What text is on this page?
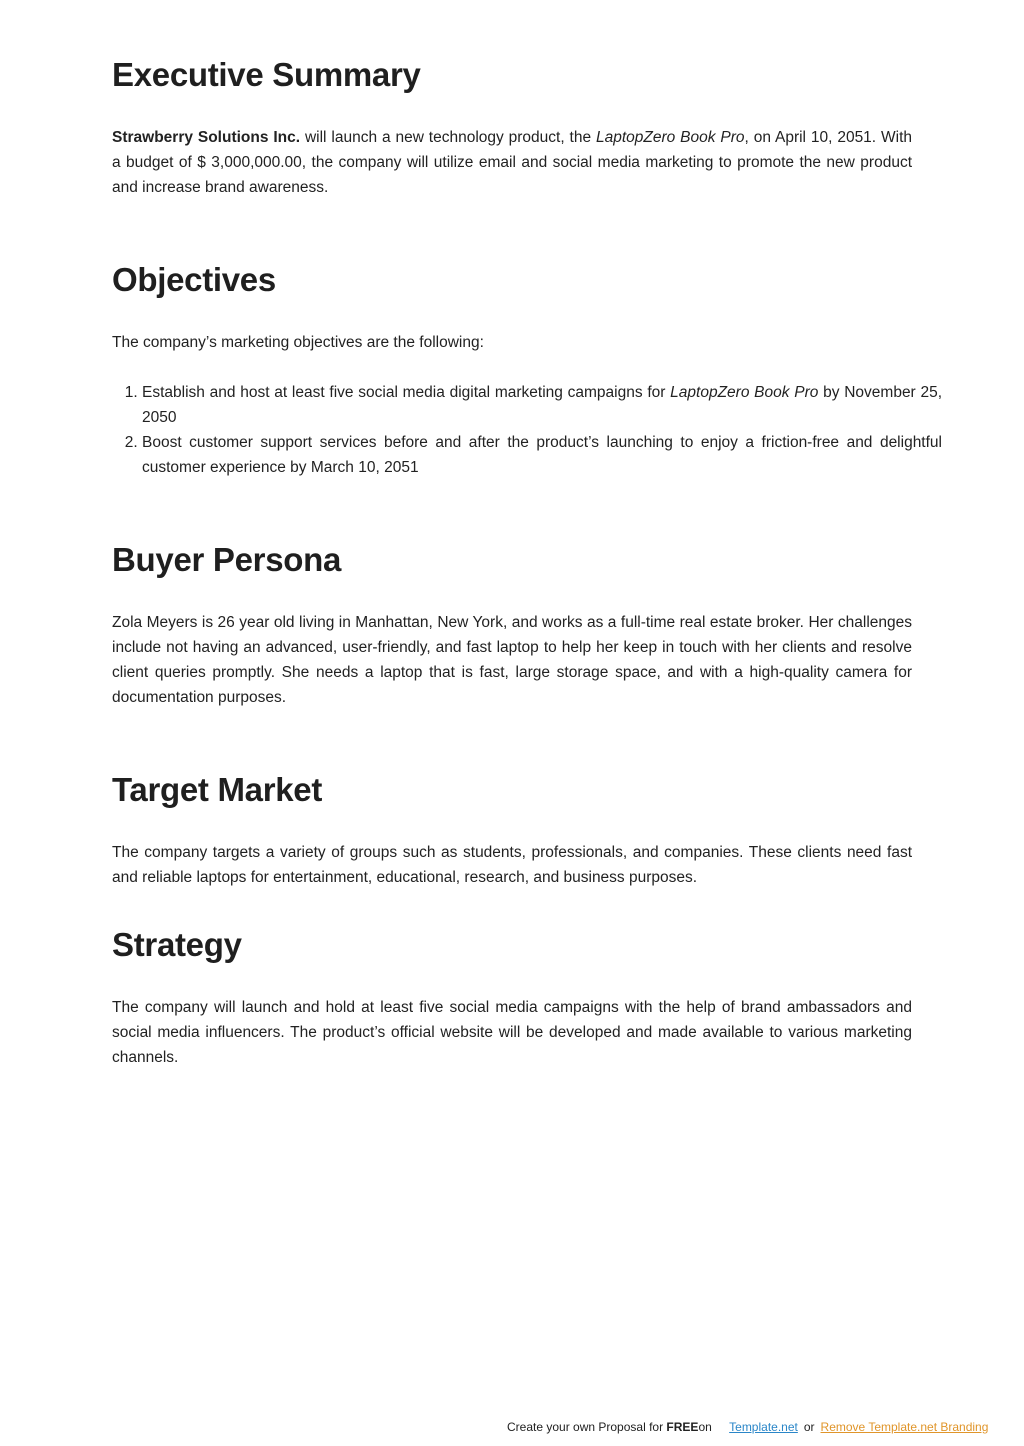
Executive Summary

Strawberry Solutions Inc. will launch a new technology product, the LaptopZero Book Pro, on April 10, 2051. With a budget of $ 3,000,000.00, the company will utilize email and social media marketing to promote the new product and increase brand awareness.

Objectives

The company’s marketing objectives are the following:

1. Establish and host at least five social media digital marketing campaigns for LaptopZero Book Pro by November 25, 2050
2. Boost customer support services before and after the product’s launching to enjoy a friction-free and delightful customer experience by March 10, 2051
Buyer Persona

Zola Meyers is 26 year old living in Manhattan, New York, and works as a full-time real estate broker. Her challenges include not having an advanced, user-friendly, and fast laptop to help her keep in touch with her clients and resolve client queries promptly. She needs a laptop that is fast, large storage space, and with a high-quality camera for documentation purposes.

Target Market

The company targets a variety of groups such as students, professionals, and companies. These clients need fast and reliable laptops for entertainment, educational, research, and business purposes.

Strategy

The company will launch and hold at least five social media campaigns with the help of brand ambassadors and social media influencers. The product’s official website will be developed and made available to various marketing channels.

Create your own Proposal for FREEon Template.net or Remove Template.net Branding
